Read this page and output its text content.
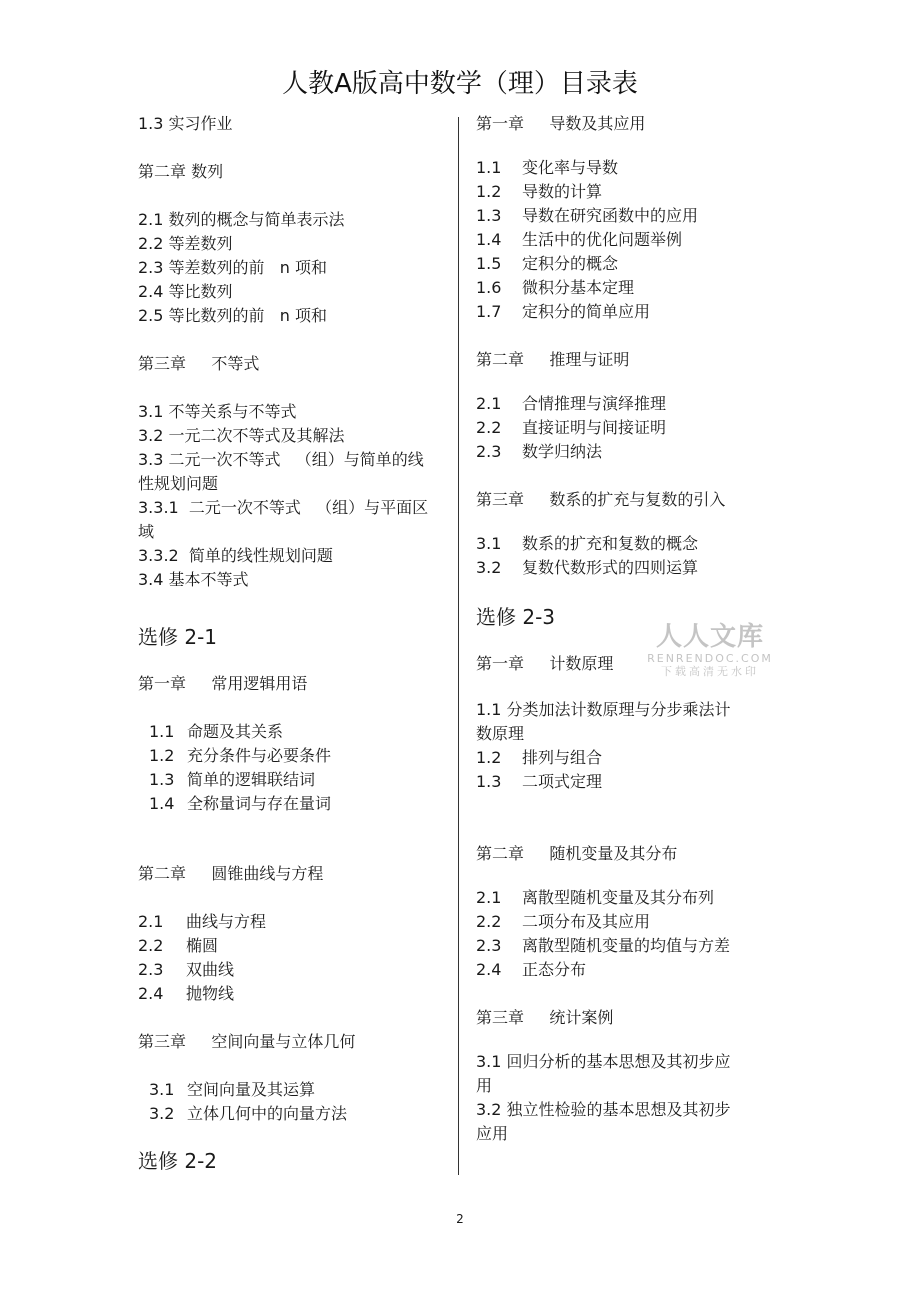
人教A版高中数学（理）目录表

1.3 实习作业

第二章 数列

2.1 数列的概念与简单表示法

2.2 等差数列

2.3 等差数列的前   n 项和

2.4 等比数列

2.5 等比数列的前   n 项和

第三章     不等式

3.1 不等关系与不等式

3.2 一元二次不等式及其解法

3.3 二元一次不等式   （组）与简单的线性规划问题

3.3.1  二元一次不等式   （组）与平面区域

3.3.2  简单的线性规划问题

3.4 基本不等式

选修 2-1

第一章     常用逻辑用语

1.1 命题及其关系

1.2 充分条件与必要条件

1.3 简单的逻辑联结词

1.4 全称量词与存在量词

第二章     圆锥曲线与方程

2.1 曲线与方程

2.2 椭圆

2.3 双曲线

2.4 抛物线

第三章     空间向量与立体几何

3.1 空间向量及其运算

3.2 立体几何中的向量方法

选修 2-2

第一章     导数及其应用

1.1 变化率与导数

1.2 导数的计算

1.3 导数在研究函数中的应用

1.4 生活中的优化问题举例

1.5 定积分的概念

1.6 微积分基本定理

1.7 定积分的简单应用

第二章     推理与证明

2.1 合情推理与演绎推理

2.2 直接证明与间接证明

2.3 数学归纳法

第三章     数系的扩充与复数的引入

3.1 数系的扩充和复数的概念

3.2 复数代数形式的四则运算

选修 2-3

第一章     计数原理

1.1 分类加法计数原理与分步乘法计数原理

1.2 排列与组合

1.3 二项式定理

第二章     随机变量及其分布

2.1 离散型随机变量及其分布列

2.2 二项分布及其应用

2.3 离散型随机变量的均值与方差

2.4 正态分布

第三章     统计案例

3.1 回归分析的基本思想及其初步应用

3.2 独立性检验的基本思想及其初步应用

人人文库
RENRENDOC.COM
下载高清无水印
2
